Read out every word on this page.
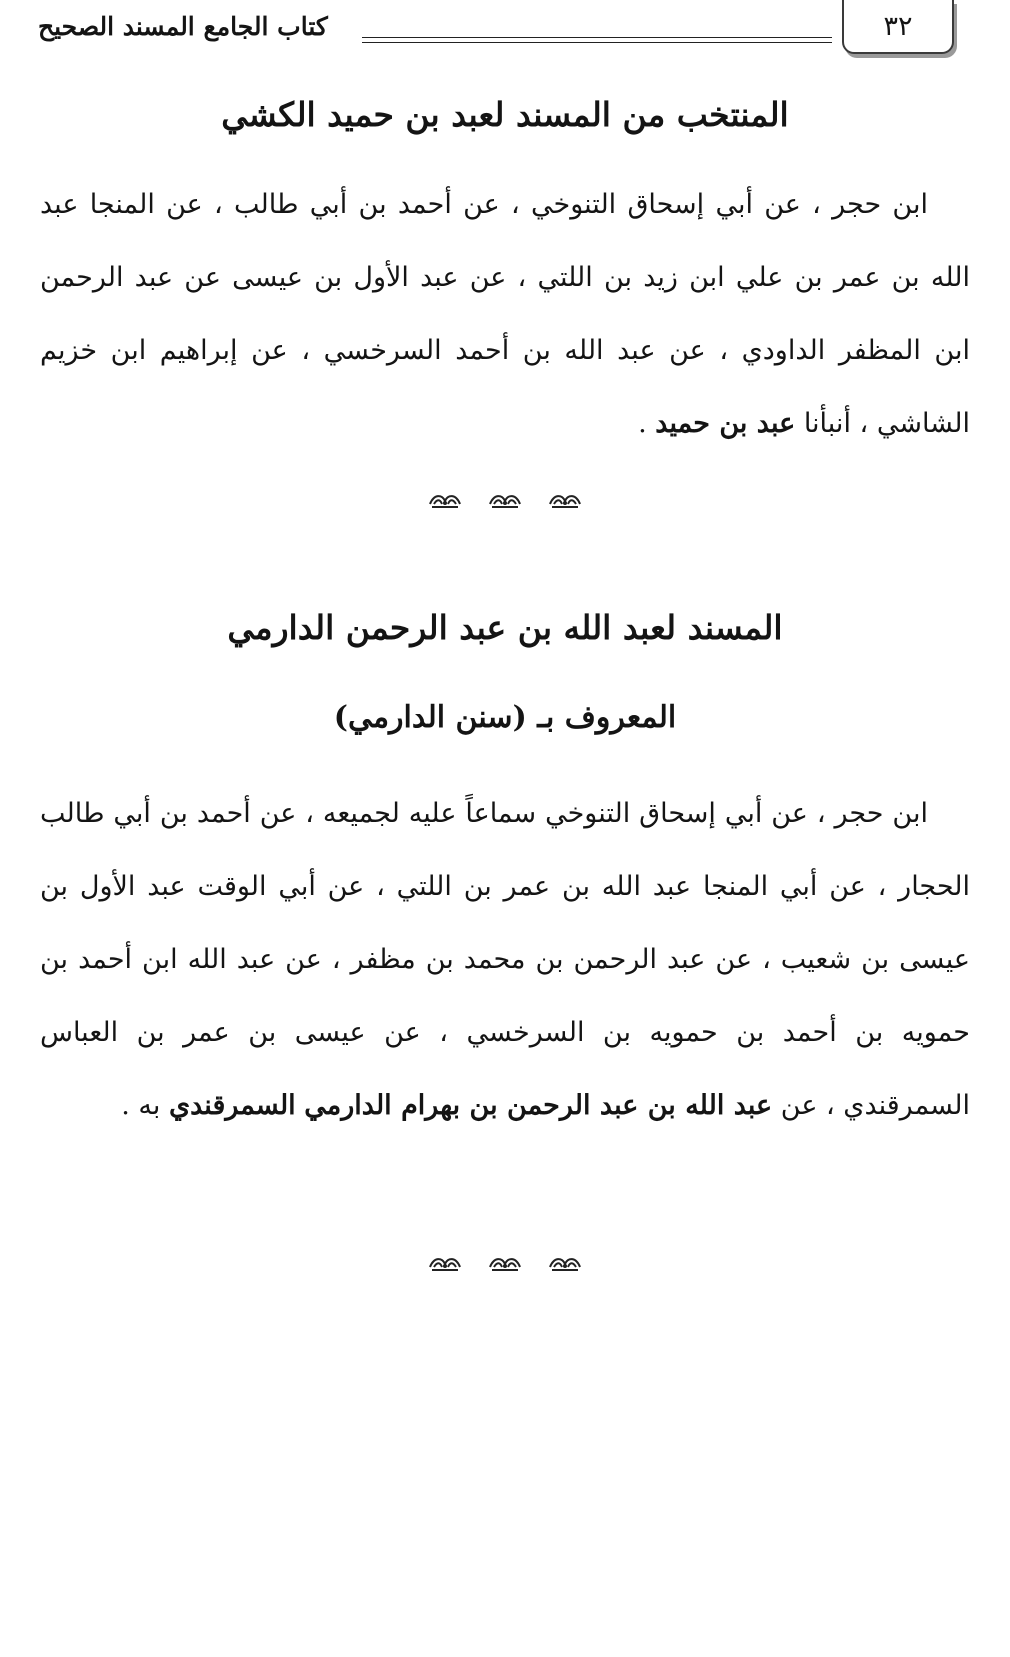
٣٢
كتاب الجامع المسند الصحيح
المنتخب من المسند لعبد بن حميد الكشي
ابن حجر ، عن أبي إسحاق التنوخي ، عن أحمد بن أبي طالب ، عن المنجا عبد الله بن عمر بن علي ابن زيد بن اللتي ، عن عبد الأول بن عيسى عن عبد الرحمن ابن المظفر الداودي ، عن عبد الله بن أحمد السرخسي ، عن إبراهيم ابن خزيم الشاشي ، أنبأنا عبد بن حميد .
المسند لعبد الله بن عبد الرحمن الدارمي
المعروف بـ (سنن الدارمي)
ابن حجر ، عن أبي إسحاق التنوخي سماعاً عليه لجميعه ، عن أحمد بن أبي طالب الحجار ، عن أبي المنجا عبد الله بن عمر بن اللتي ، عن أبي الوقت عبد الأول بن عيسى بن شعيب ، عن عبد الرحمن بن محمد بن مظفر ، عن عبد الله ابن أحمد بن حمويه بن أحمد بن حمويه بن السرخسي ، عن عيسى بن عمر بن العباس السمرقندي ، عن عبد الله بن عبد الرحمن بن بهرام الدارمي السمرقندي به .
